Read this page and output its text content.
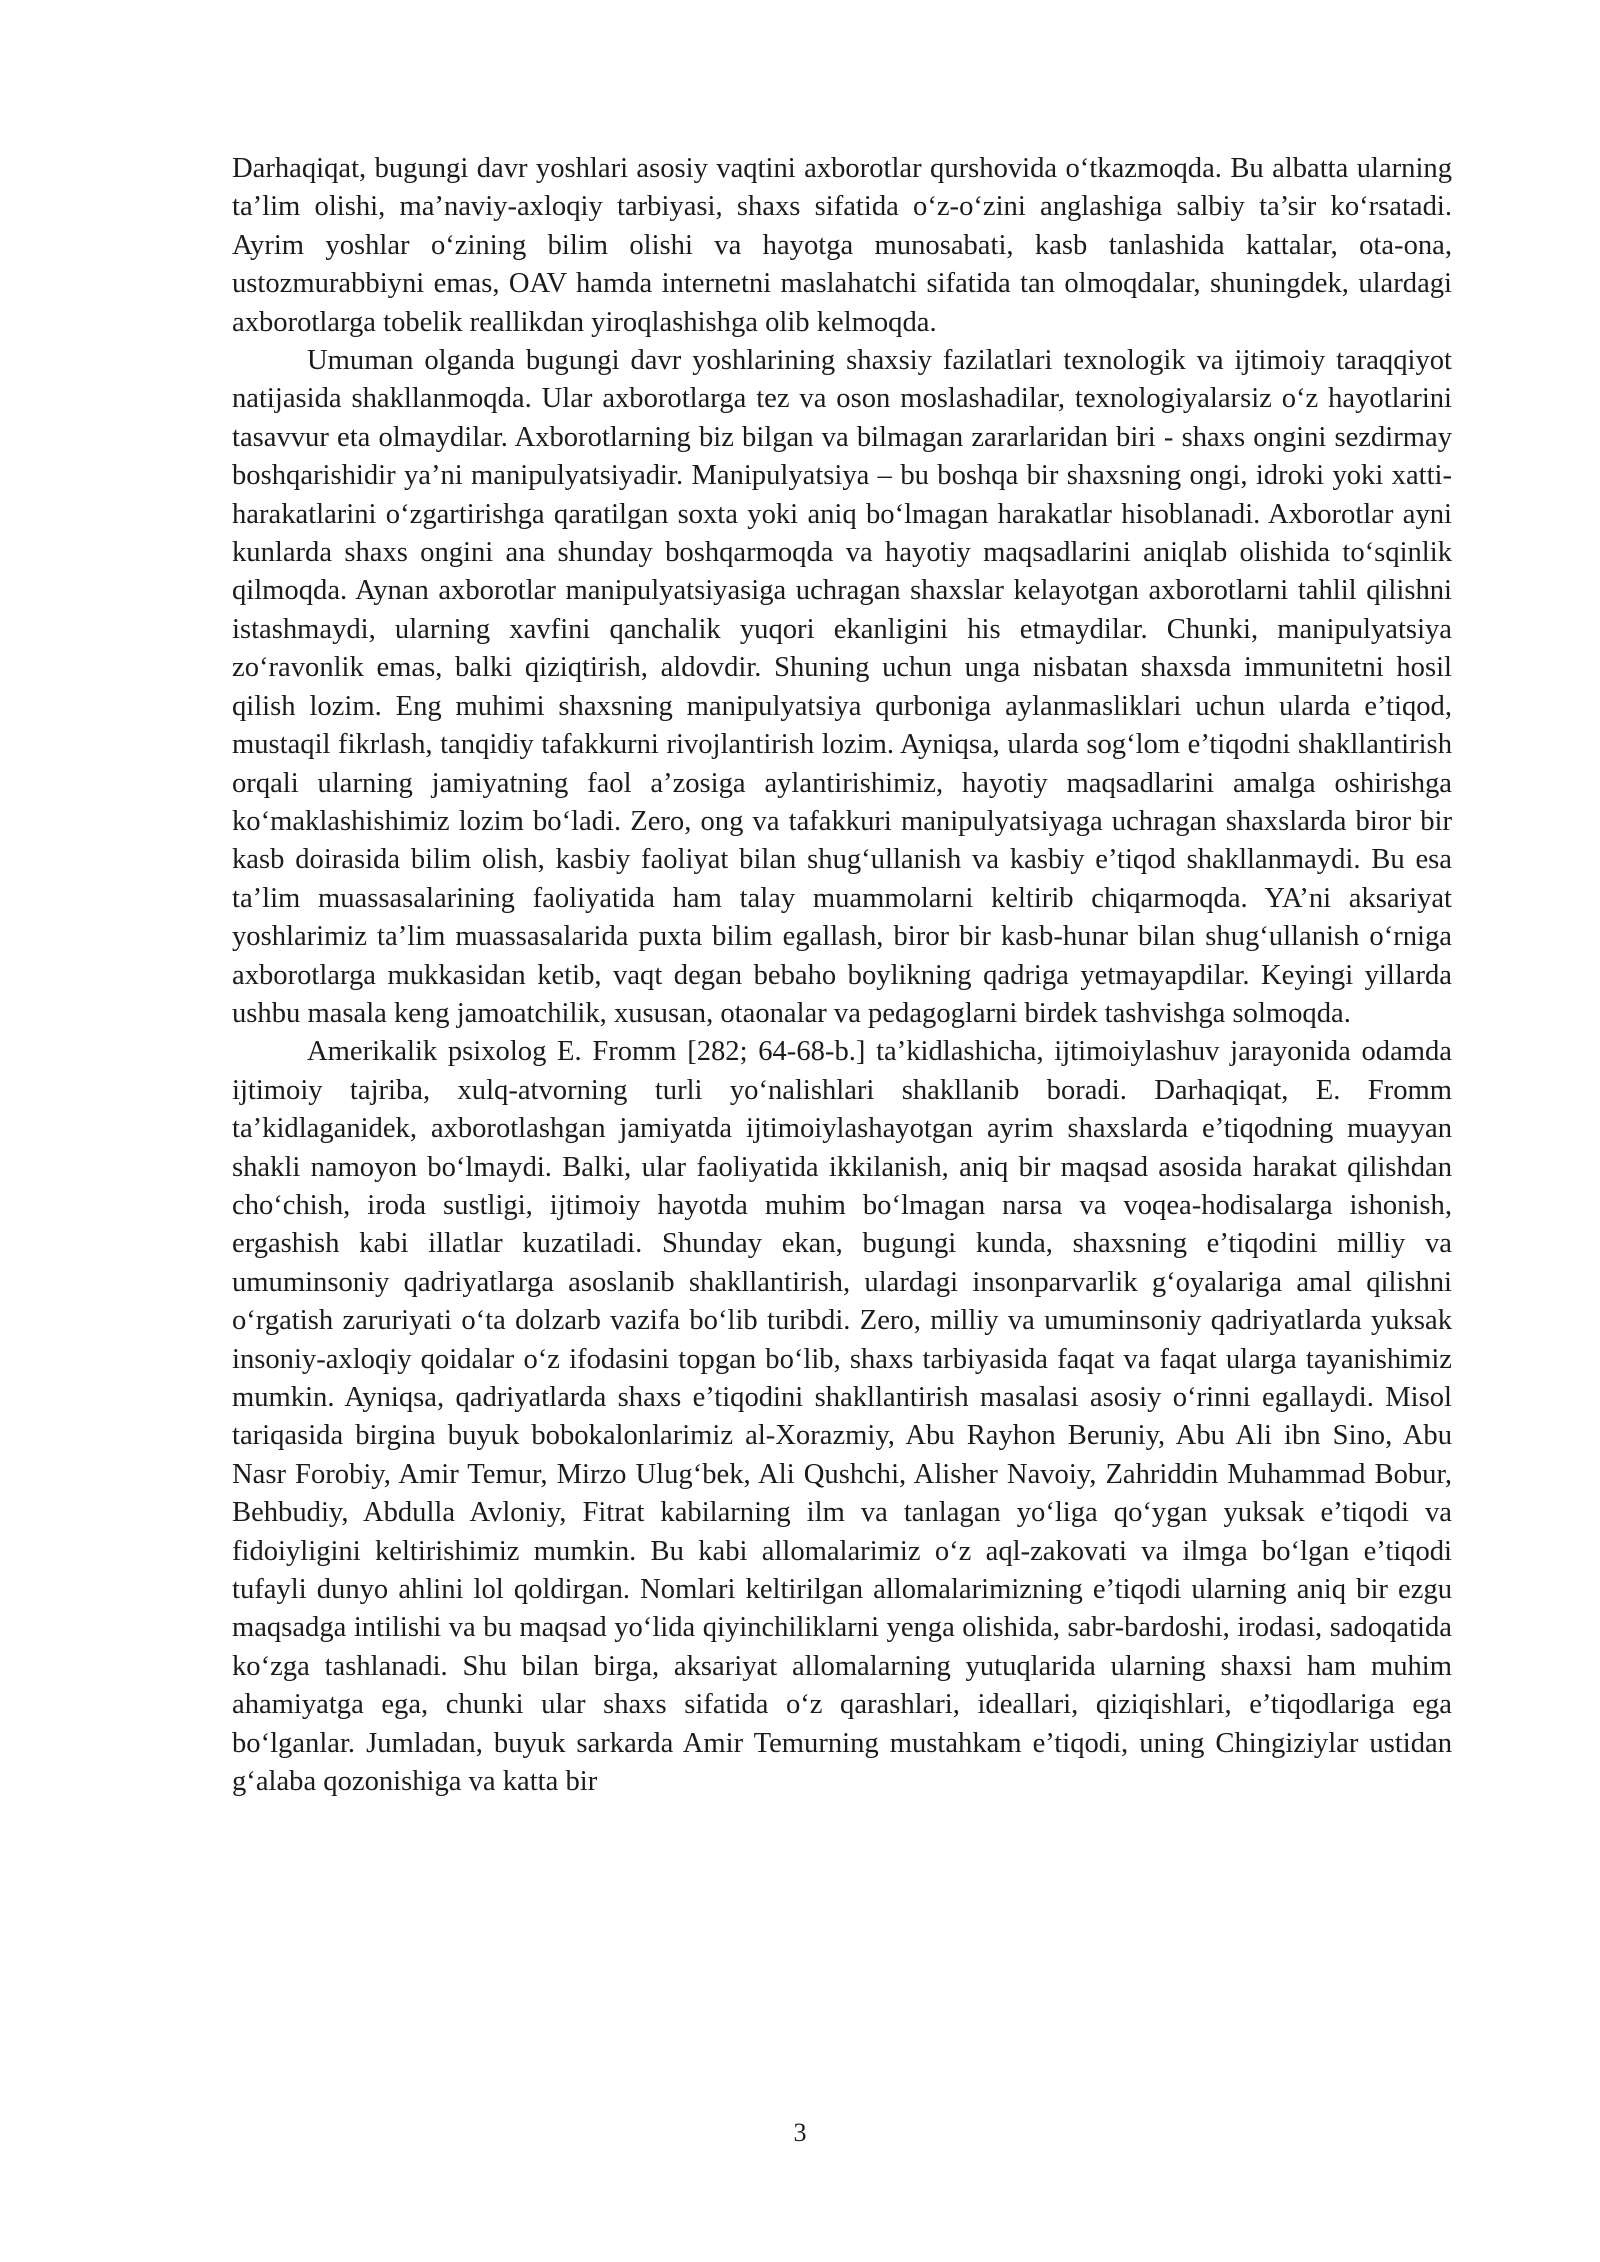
Darhaqiqat, bugungi davr yoshlari asosiy vaqtini axborotlar qurshovida o‘tkazmoqda. Bu albatta ularning ta’lim olishi, ma’naviy-axloqiy tarbiyasi, shaxs sifatida o‘z-o‘zini anglashiga salbiy ta’sir ko‘rsatadi. Ayrim yoshlar o‘zining bilim olishi va hayotga munosabati, kasb tanlashida kattalar, ota-ona, ustozmurabbiyni emas, OAV hamda internetni maslahatchi sifatida tan olmoqdalar, shuningdek, ulardagi axborotlarga tobelik reallikdan yiroqlashishga olib kelmoqda.

Umuman olganda bugungi davr yoshlarining shaxsiy fazilatlari texnologik va ijtimoiy taraqqiyot natijasida shakllanmoqda. Ular axborotlarga tez va oson moslashadilar, texnologiyalarsiz o‘z hayotlarini tasavvur eta olmaydilar. Axborotlarning biz bilgan va bilmagan zararlaridan biri - shaxs ongini sezdirmay boshqarishidir ya’ni manipulyatsiyadir. Manipulyatsiya – bu boshqa bir shaxsning ongi, idroki yoki xatti-harakatlarini o‘zgartirishga qaratilgan soxta yoki aniq bo‘lmagan harakatlar hisoblanadi. Axborotlar ayni kunlarda shaxs ongini ana shunday boshqarmoqda va hayotiy maqsadlarini aniqlab olishida to‘sqinlik qilmoqda. Aynan axborotlar manipulyatsiyasiga uchragan shaxslar kelayotgan axborotlarni tahlil qilishni istashmaydi, ularning xavfini qanchalik yuqori ekanligini his etmaydilar. Chunki, manipulyatsiya zo‘ravonlik emas, balki qiziqtirish, aldovdir. Shuning uchun unga nisbatan shaxsda immunitetni hosil qilish lozim. Eng muhimi shaxsning manipulyatsiya qurboniga aylanmasliklari uchun ularda e’tiqod, mustaqil fikrlash, tanqidiy tafakkurni rivojlantirish lozim. Ayniqsa, ularda sog‘lom e’tiqodni shakllantirish orqali ularning jamiyatning faol a’zosiga aylantirishimiz, hayotiy maqsadlarini amalga oshirishga ko‘maklashishimiz lozim bo‘ladi. Zero, ong va tafakkuri manipulyatsiyaga uchragan shaxslarda biror bir kasb doirasida bilim olish, kasbiy faoliyat bilan shug‘ullanish va kasbiy e’tiqod shakllanmaydi. Bu esa ta’lim muassasalarining faoliyatida ham talay muammolarni keltirib chiqarmoqda. YA’ni aksariyat yoshlarimiz ta’lim muassasalarida puxta bilim egallash, biror bir kasb-hunar bilan shug‘ullanish o‘rniga axborotlarga mukkasidan ketib, vaqt degan bebaho boylikning qadriga yetmayapdilar. Keyingi yillarda ushbu masala keng jamoatchilik, xususan, otaonalar va pedagoglarni birdek tashvishga solmoqda.

Amerikalik psixolog E. Fromm [282; 64-68-b.] ta’kidlashicha, ijtimoiylashuv jarayonida odamda ijtimoiy tajriba, xulq-atvorning turli yo‘nalishlari shakllanib boradi. Darhaqiqat, E. Fromm ta’kidlaganidek, axborotlashgan jamiyatda ijtimoiylashayotgan ayrim shaxslarda e’tiqodning muayyan shakli namoyon bo‘lmaydi. Balki, ular faoliyatida ikkilanish, aniq bir maqsad asosida harakat qilishdan cho‘chish, iroda sustligi, ijtimoiy hayotda muhim bo‘lmagan narsa va voqea-hodisalarga ishonish, ergashish kabi illatlar kuzatiladi. Shunday ekan, bugungi kunda, shaxsning e’tiqodini milliy va umuminsoniy qadriyatlarga asoslanib shakllantirish, ulardagi insonparvarlik g‘oyalariga amal qilishni o‘rgatish zaruriyati o‘ta dolzarb vazifa bo‘lib turibdi. Zero, milliy va umuminsoniy qadriyatlarda yuksak insoniy-axloqiy qoidalar o‘z ifodasini topgan bo‘lib, shaxs tarbiyasida faqat va faqat ularga tayanishimiz mumkin. Ayniqsa, qadriyatlarda shaxs e’tiqodini shakllantirish masalasi asosiy o‘rinni egallaydi. Misol tariqasida birgina buyuk bobokalonlarimiz al-Xorazmiy, Abu Rayhon Beruniy, Abu Ali ibn Sino, Abu Nasr Forobiy, Amir Temur, Mirzo Ulug‘bek, Ali Qushchi, Alisher Navoiy, Zahriddin Muhammad Bobur, Behbudiy, Abdulla Avloniy, Fitrat kabilarning ilm va tanlagan yo‘liga qo‘ygan yuksak e’tiqodi va fidoiyligini keltirishimiz mumkin. Bu kabi allomalarimiz o‘z aql-zakovati va ilmga bo‘lgan e’tiqodi tufayli dunyo ahlini lol qoldirgan. Nomlari keltirilgan allomalarimizning e’tiqodi ularning aniq bir ezgu maqsadga intilishi va bu maqsad yo‘lida qiyinchiliklarni yenga olishida, sabr-bardoshi, irodasi, sadoqatida ko‘zga tashlanadi. Shu bilan birga, aksariyat allomalarning yutuqlarida ularning shaxsi ham muhim ahamiyatga ega, chunki ular shaxs sifatida o‘z qarashlari, ideallari, qiziqishlari, e’tiqodlariga ega bo‘lganlar. Jumladan, buyuk sarkarda Amir Temurning mustahkam e’tiqodi, uning Chingiziylar ustidan g‘alaba qozonishiga va katta bir

3
